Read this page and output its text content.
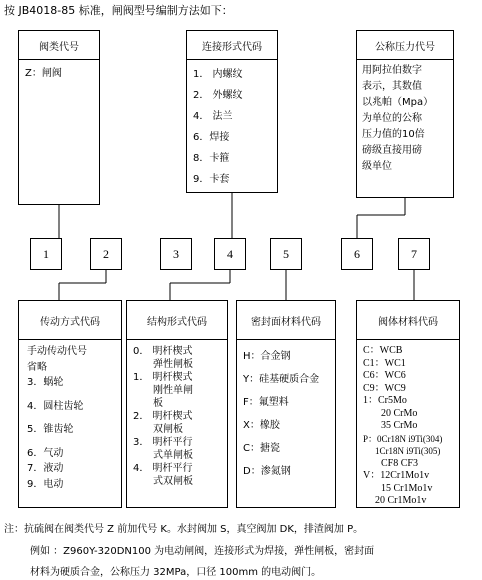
按 JB4018-85 标准，闸阀型号编制方法如下：
阀类代号
Z：闸阀
连接形式代码
1． 内螺纹
2． 外螺纹
4． 法兰
6．焊接
8．卡箍
9．卡套
公称压力代号
用阿拉伯数字
表示，其数值
以兆帕（Mpa）
为单位的公称
压力值的10倍
磅级直接用磅
级单位
1	2	3	4	5	6	7
传动方式代码
手动传动代号
省略
3．蜗轮
4．圆柱齿轮
5．锥齿轮
6．气动
7．液动
9．电动
结构形式代码
0． 明杆楔式
弹性闸板
1． 明杆楔式
刚性单闸
板
2． 明杆楔式
双闸板
3． 明杆平行
式单闸板
4． 明杆平行
式双闸板
密封面材料代码
H：合金钢
Y：硅基硬质合金
F：氟塑料
X：橡胶
C：搪瓷
D：渗氮钢
阀体材料代码
C：WCB
C1：WC1
C6：WC6
C9：WC9
1：Cr5Mo
20 CrMo
35 CrMo
P：0Cr18N i9Ti(304)
1Cr18N i9Ti(305)
CF8 CF3
V：12Cr1Mo1v
15 Cr1Mo1v
20 Cr1Mo1v
注：抗硫阀在阀类代号 Z 前加代号 K。水封阀加 S，真空阀加 DK，排渣阀加 P。
例如 ：Z960Y-320DN100 为电动闸阀，连接形式为焊接，弹性闸板，密封面
材料为硬质合金，公称压力 32MPa，口径 100mm 的电动阀门。
